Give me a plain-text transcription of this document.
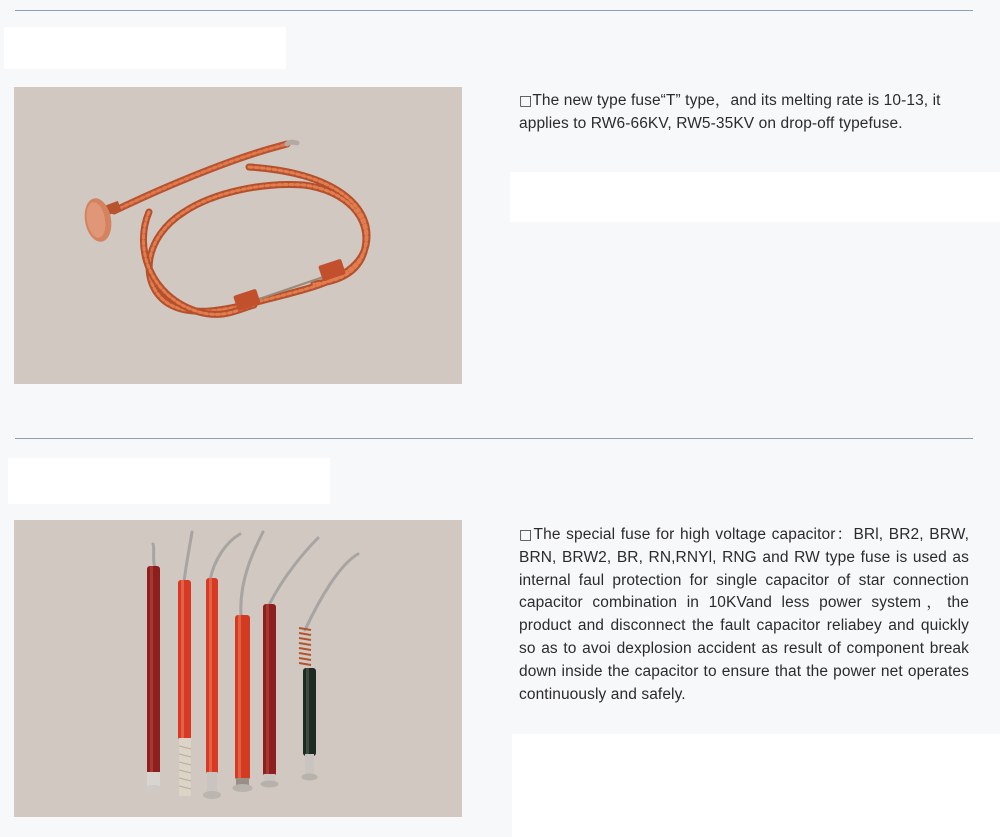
□The new type fuse“T” type，and its melting rate is 10-13, it applies to RW6-66KV, RW5-35KV on drop-off typefuse.

□The special fuse for high voltage capacitor：BRl, BR2, BRW, BRN, BRW2, BR, RN,RNYl, RNG and RW type fuse is used as internal faul protection for single capacitor of star connection capacitor combination in 10KVand less power system，the product and disconnect the fault capacitor reliabey and quickly so as to avoi dexplosion accident as result of component break down inside the capacitor to ensure that the power net operates continuously and safely.
